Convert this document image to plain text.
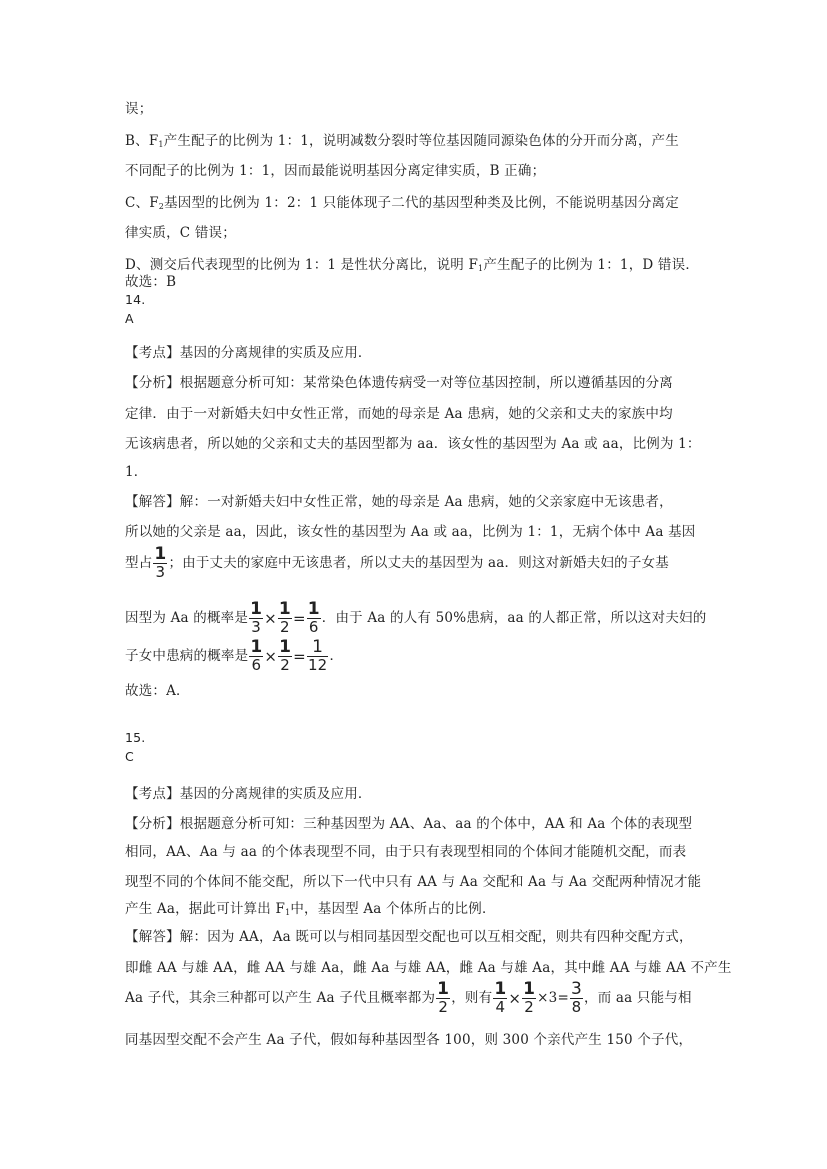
误；
B、$F_1$产生配子的比例为 1：1，说明减数分裂时等位基因随同源染色体的分开而分离，产生
不同配子的比例为 1：1，因而最能说明基因分离定律实质，B 正确；
C、$F_2$基因型的比例为 1：2：1 只能体现子二代的基因型种类及比例，不能说明基因分离定
律实质，C 错误；
D、测交后代表现型的比例为 1：1 是性状分离比，说明 $F_1$产生配子的比例为 1：1，D 错误．
故选：B
14.
A
【考点】基因的分离规律的实质及应用．
【分析】根据题意分析可知：某常染色体遗传病受一对等位基因控制，所以遵循基因的分离
定律．由于一对新婚夫妇中女性正常，而她的母亲是 Aa 患病，她的父亲和丈夫的家族中均
无该病患者，所以她的父亲和丈夫的基因型都为 aa．该女性的基因型为 Aa 或 aa，比例为 1：
1．
【解答】解：一对新婚夫妇中女性正常，她的母亲是 Aa 患病，她的父亲家庭中无该患者，
所以她的父亲是 aa，因此，该女性的基因型为 Aa 或 aa，比例为 1：1，无病个体中 Aa 基因
型占 $\frac{1}{3}$ ；由于丈夫的家庭中无该患者，所以丈夫的基因型为 aa．则这对新婚夫妇的子女基
因型为 Aa 的概率是 $\frac{1}{3} \times \frac{1}{2} = \frac{1}{6}$ ．由于 Aa 的人有 50%患病，aa 的人都正常，所以这对夫妇的
子女中患病的概率是 $\frac{1}{6} \times \frac{1}{2} = \frac{1}{12}$ ．
故选：A．
15.
C
【考点】基因的分离规律的实质及应用．
【分析】根据题意分析可知：三种基因型为 AA、Aa、aa 的个体中，AA 和 Aa 个体的表现型
相同，AA、Aa 与 aa 的个体表现型不同，由于只有表现型相同的个体间才能随机交配，而表
现型不同的个体间不能交配，所以下一代中只有 AA 与 Aa 交配和 Aa 与 Aa 交配两种情况才能
产生 Aa，据此可计算出 $F_1$中，基因型 Aa 个体所占的比例．
【解答】解：因为 AA，Aa 既可以与相同基因型交配也可以互相交配，则共有四种交配方式，
即雌 AA 与雄 AA，雌 AA 与雄 Aa，雌 Aa 与雄 AA，雌 Aa 与雄 Aa，其中雌 AA 与雄 AA 不产生
Aa 子代，其余三种都可以产生 Aa 子代且概率都为 $\frac{1}{2}$ ，则有 $\frac{1}{4} \times \frac{1}{2} \times 3= \frac{3}{8}$ ，而 aa 只能与相
同基因型交配不会产生 Aa 子代，假如每种基因型各 100，则 300 个亲代产生 150 个子代，
